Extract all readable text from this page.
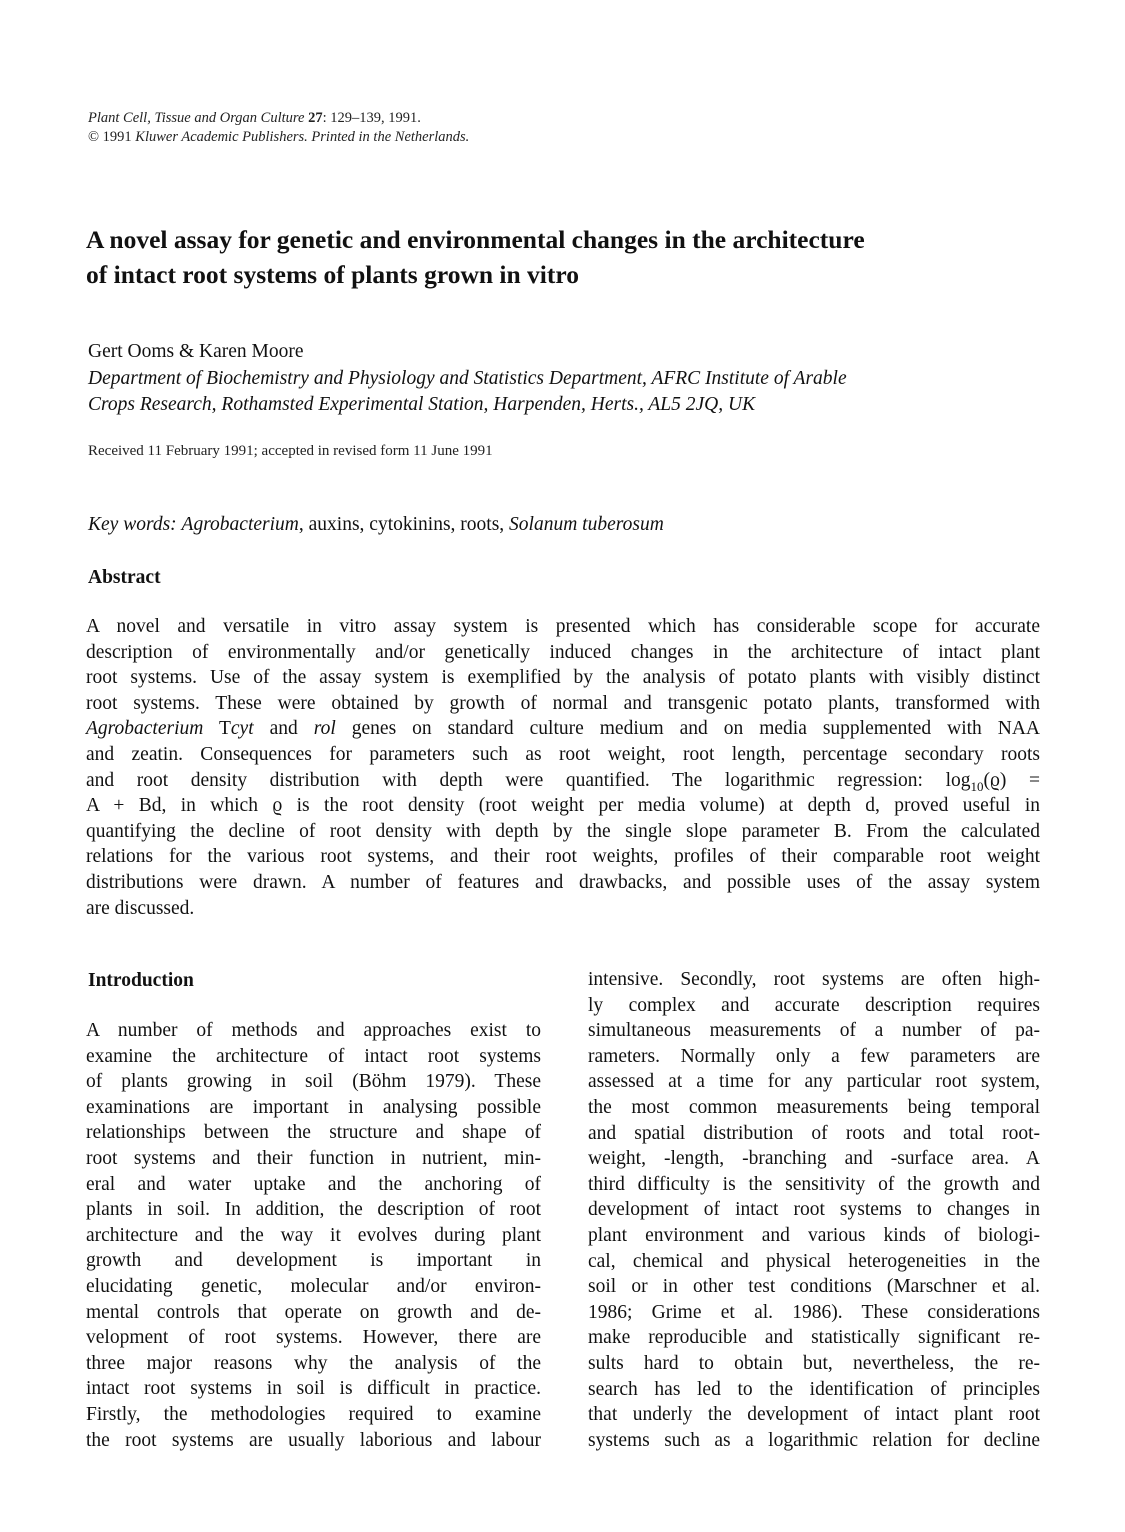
Plant Cell, Tissue and Organ Culture 27: 129–139, 1991.
© 1991 Kluwer Academic Publishers. Printed in the Netherlands.
A novel assay for genetic and environmental changes in the architecture
of intact root systems of plants grown in vitro
Gert Ooms & Karen Moore
Department of Biochemistry and Physiology and Statistics Department, AFRC Institute of Arable
Crops Research, Rothamsted Experimental Station, Harpenden, Herts., AL5 2JQ, UK
Received 11 February 1991; accepted in revised form 11 June 1991
Key words: Agrobacterium, auxins, cytokinins, roots, Solanum tuberosum
Abstract
A novel and versatile in vitro assay system is presented which has considerable scope for accurate
description of environmentally and/or genetically induced changes in the architecture of intact plant
root systems. Use of the assay system is exemplified by the analysis of potato plants with visibly distinct
root systems. These were obtained by growth of normal and transgenic potato plants, transformed with
Agrobacterium Tcyt and rol genes on standard culture medium and on media supplemented with NAA
and zeatin. Consequences for parameters such as root weight, root length, percentage secondary roots
and root density distribution with depth were quantified. The logarithmic regression: $\log_{10}(ϱ)$ =
A + Bd, in which ϱ is the root density (root weight per media volume) at depth d, proved useful in
quantifying the decline of root density with depth by the single slope parameter B. From the calculated
relations for the various root systems, and their root weights, profiles of their comparable root weight
distributions were drawn. A number of features and drawbacks, and possible uses of the assay system
are discussed.
Introduction
A number of methods and approaches exist to
examine the architecture of intact root systems
of plants growing in soil (Böhm 1979). These
examinations are important in analysing possible
relationships between the structure and shape of
root systems and their function in nutrient, min-
eral and water uptake and the anchoring of
plants in soil. In addition, the description of root
architecture and the way it evolves during plant
growth and development is important in
elucidating genetic, molecular and/or environ-
mental controls that operate on growth and de-
velopment of root systems. However, there are
three major reasons why the analysis of the
intact root systems in soil is difficult in practice.
Firstly, the methodologies required to examine
the root systems are usually laborious and labour
intensive. Secondly, root systems are often high-
ly complex and accurate description requires
simultaneous measurements of a number of pa-
rameters. Normally only a few parameters are
assessed at a time for any particular root system,
the most common measurements being temporal
and spatial distribution of roots and total root-
weight, -length, -branching and -surface area. A
third difficulty is the sensitivity of the growth and
development of intact root systems to changes in
plant environment and various kinds of biologi-
cal, chemical and physical heterogeneities in the
soil or in other test conditions (Marschner et al.
1986; Grime et al. 1986). These considerations
make reproducible and statistically significant re-
sults hard to obtain but, nevertheless, the re-
search has led to the identification of principles
that underly the development of intact plant root
systems such as a logarithmic relation for decline
